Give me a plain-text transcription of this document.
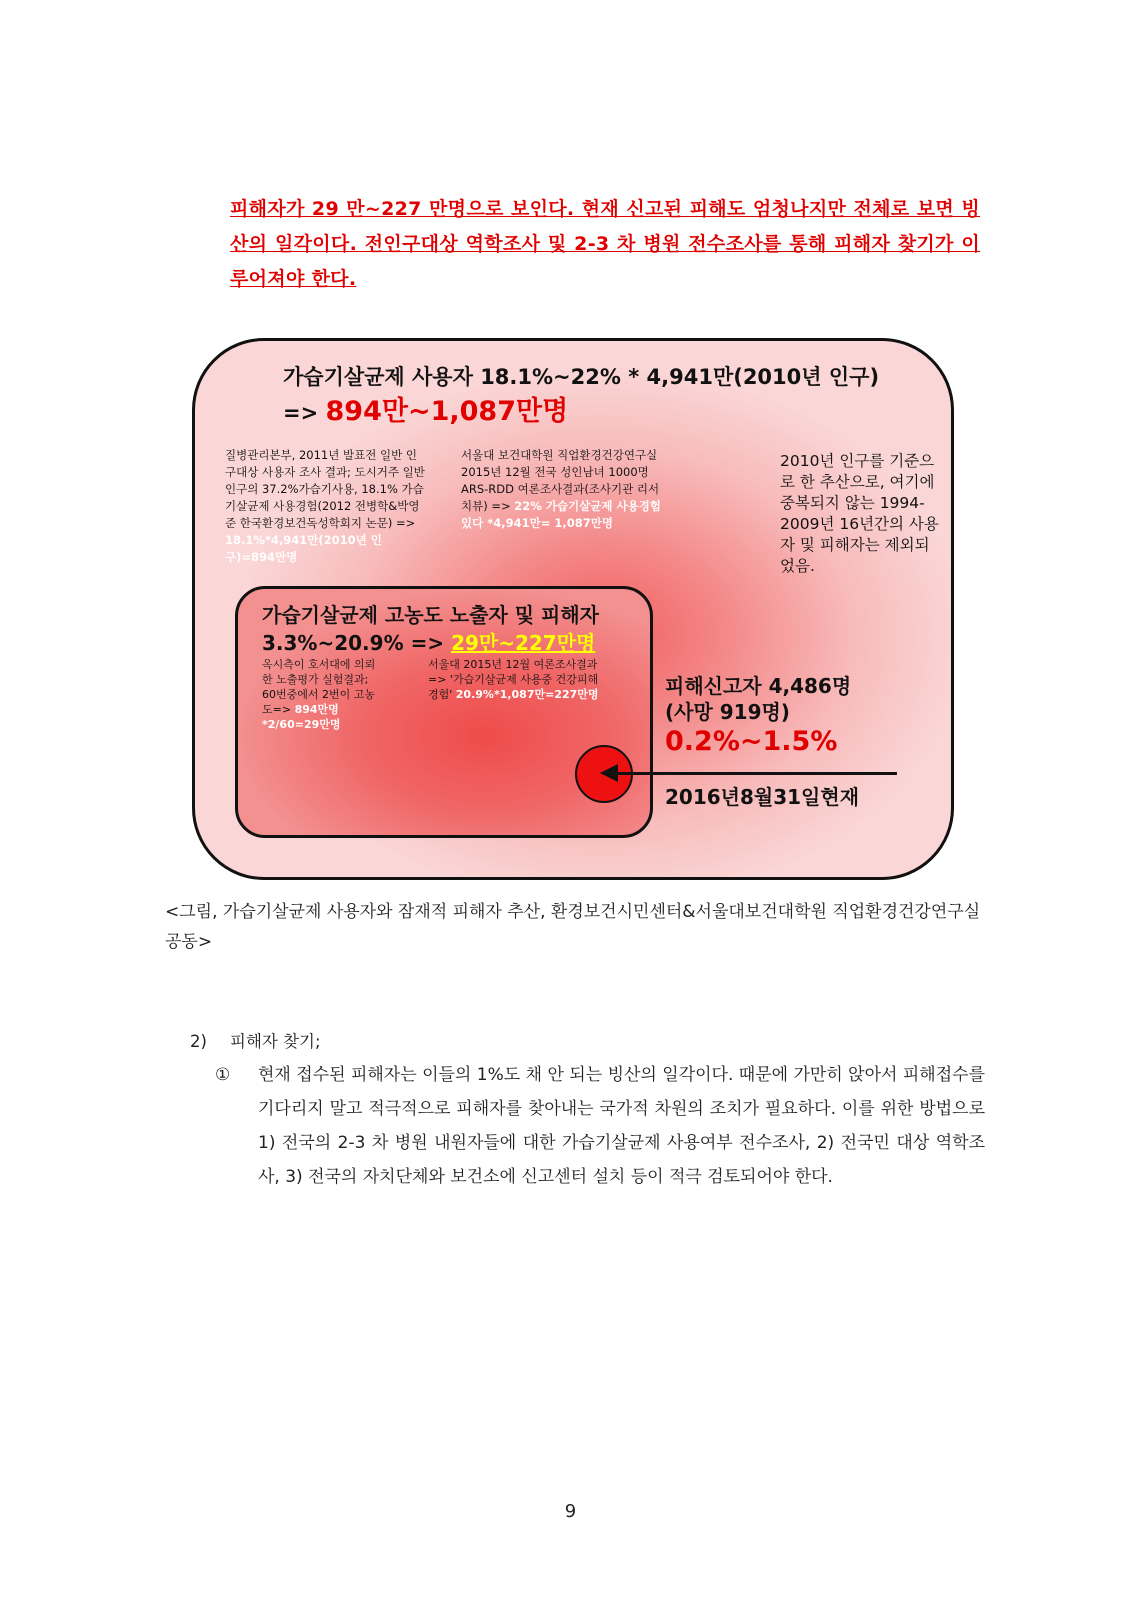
피해자가 29 만~227 만명으로 보인다. 현재 신고된 피해도 엄청나지만 전체로 보면 빙산의 일각이다. 전인구대상 역학조사 및 2-3 차 병원 전수조사를 통해 피해자 찾기가 이루어져야 한다.

가습기살균제 사용자 18.1%~22% * 4,941만(2010년 인구)
=> 894만~1,087만명
질병관리본부, 2011년 발표전 일반 인구대상 사용자 조사 결과; 도시거주 일반인구의 37.2%가습기사용, 18.1% 가습기살균제 사용경험(2012 전병학&박영준 한국환경보건독성학회지 논문) => 18.1%*4,941만(2010년 인구)=894만명
서울대 보건대학원 직업환경건강연구실 2015년 12월 전국 성인남녀 1000명 ARS-RDD 여론조사결과(조사기관 리서치뷰) => 22% 가습기살균제 사용경험있다 *4,941만= 1,087만명
2010년 인구를 기준으로 한 추산으로, 여기에 중복되지 않는 1994-2009년 16년간의 사용자 및 피해자는 제외되었음.
가습기살균제 고농도 노출자 및 피해자
3.3%~20.9% => 29만~227만명
옥시측이 호서대에 의뢰한 노출평가 실험결과; 60번중에서 2번이 고농도=> 894만명*2/60=29만명
서울대 2015년 12월 여론조사결과 => '가습기살균제 사용중 건강피해 경험' 20.9%*1,087만=227만명	피해신고자 4,486명
(사망 919명)
0.2%~1.5%
2016년8월31일현재
<그림, 가습기살균제 사용자와 잠재적 피해자 추산, 환경보건시민센터&서울대보건대학원 직업환경건강연구실 공동>
2) 피해자 찾기;
①	현재 접수된 피해자는 이들의 1%도 채 안 되는 빙산의 일각이다. 때문에 가만히 앉아서 피해접수를 기다리지 말고 적극적으로 피해자를 찾아내는 국가적 차원의 조치가 필요하다. 이를 위한 방법으로 1) 전국의 2-3 차 병원 내원자들에 대한 가습기살균제 사용여부 전수조사, 2) 전국민 대상 역학조사, 3) 전국의 자치단체와 보건소에 신고센터 설치 등이 적극 검토되어야 한다.
9
